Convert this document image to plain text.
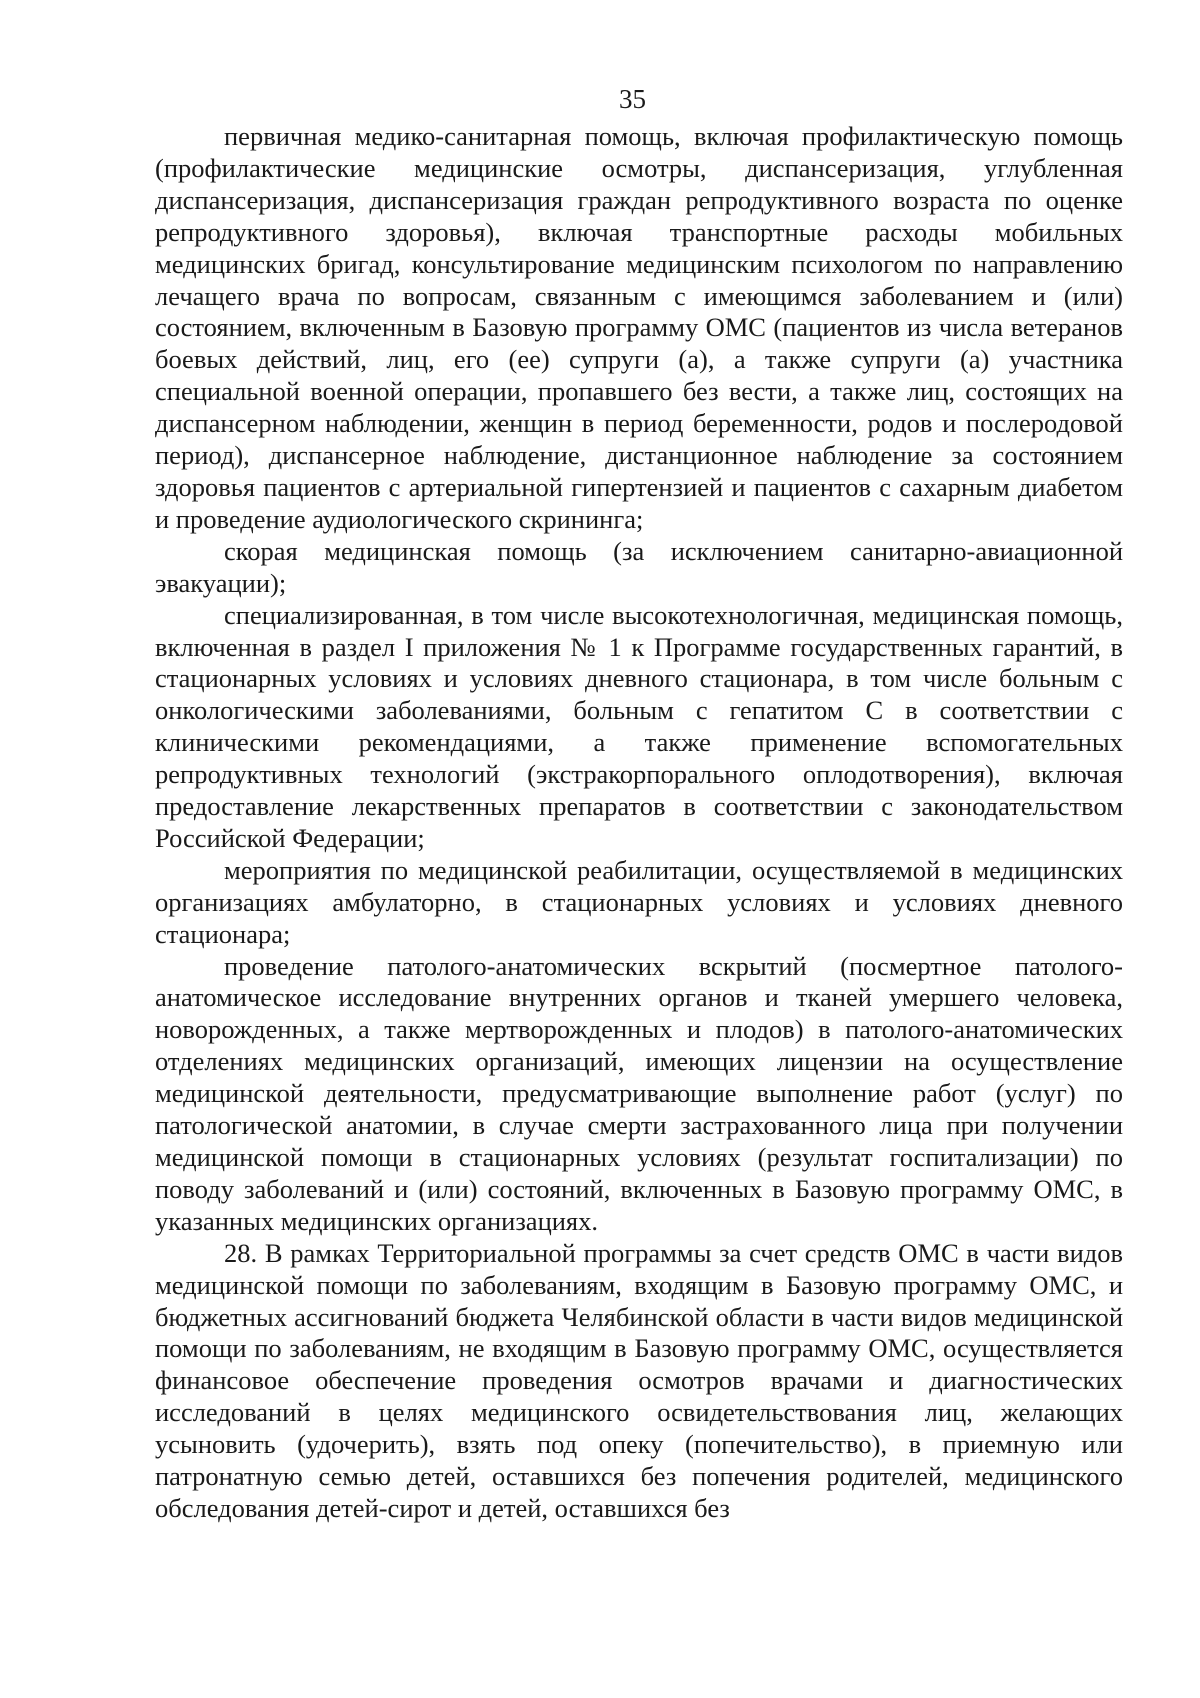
35

первичная медико-санитарная помощь, включая профилактическую помощь (профилактические медицинские осмотры, диспансеризация, углубленная диспансеризация, диспансеризация граждан репродуктивного возраста по оценке репродуктивного здоровья), включая транспортные расходы мобильных медицинских бригад, консультирование медицинским психологом по направлению лечащего врача по вопросам, связанным с имеющимся заболеванием и (или) состоянием, включенным в Базовую программу ОМС (пациентов из числа ветеранов боевых действий, лиц, его (ее) супруги (а), а также супруги (а) участника специальной военной операции, пропавшего без вести, а также лиц, состоящих на диспансерном наблюдении, женщин в период беременности, родов и послеродовой период), диспансерное наблюдение, дистанционное наблюдение за состоянием здоровья пациентов с артериальной гипертензией и пациентов с сахарным диабетом и проведение аудиологического скрининга;

скорая медицинская помощь (за исключением санитарно-авиационной эвакуации);

специализированная, в том числе высокотехнологичная, медицинская помощь, включенная в раздел I приложения № 1 к Программе государственных гарантий, в стационарных условиях и условиях дневного стационара, в том числе больным с онкологическими заболеваниями, больным с гепатитом С в соответствии с клиническими рекомендациями, а также применение вспомогательных репродуктивных технологий (экстракорпорального оплодотворения), включая предоставление лекарственных препаратов в соответствии с законодательством Российской Федерации;

мероприятия по медицинской реабилитации, осуществляемой в медицинских организациях амбулаторно, в стационарных условиях и условиях дневного стационара;

проведение патолого-анатомических вскрытий (посмертное патолого-анатомическое исследование внутренних органов и тканей умершего человека, новорожденных, а также мертворожденных и плодов) в патолого-анатомических отделениях медицинских организаций, имеющих лицензии на осуществление медицинской деятельности, предусматривающие выполнение работ (услуг) по патологической анатомии, в случае смерти застрахованного лица при получении медицинской помощи в стационарных условиях (результат госпитализации) по поводу заболеваний и (или) состояний, включенных в Базовую программу ОМС, в указанных медицинских организациях.

28. В рамках Территориальной программы за счет средств ОМС в части видов медицинской помощи по заболеваниям, входящим в Базовую программу ОМС, и бюджетных ассигнований бюджета Челябинской области в части видов медицинской помощи по заболеваниям, не входящим в Базовую программу ОМС, осуществляется финансовое обеспечение проведения осмотров врачами и диагностических исследований в целях медицинского освидетельствования лиц, желающих усыновить (удочерить), взять под опеку (попечительство), в приемную или патронатную семью детей, оставшихся без попечения родителей, медицинского обследования детей-сирот и детей, оставшихся без
